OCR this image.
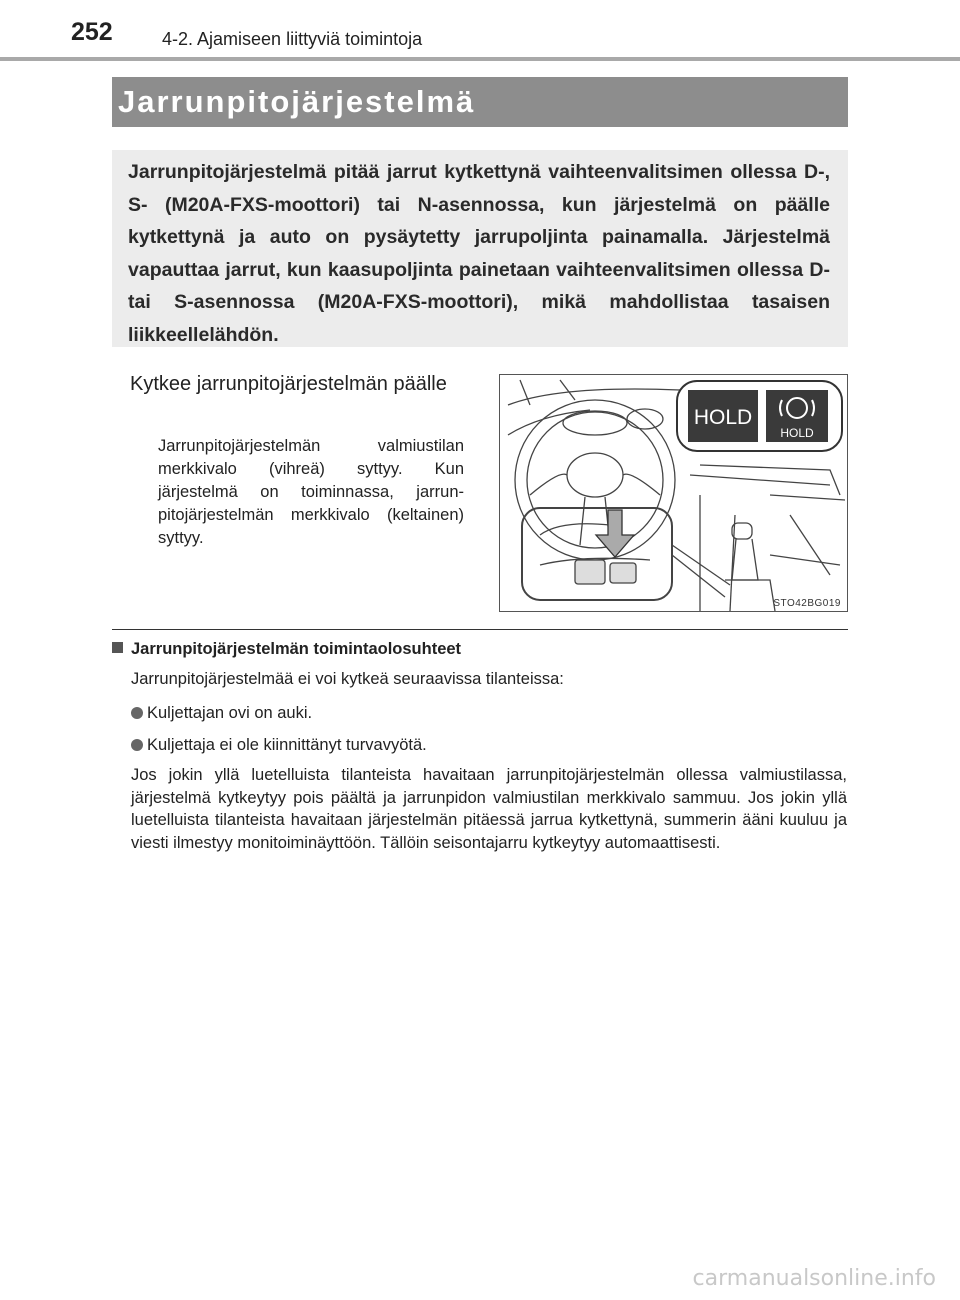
252	4-2. Ajamiseen liittyviä toimintoja
Jarrunpitojärjestelmä
Jarrunpitojärjestelmä pitää jarrut kytkettynä vaihteenvalitsimen ollessa D-, S- (M20A-FXS-moottori) tai N-asennossa, kun järjestelmä on päälle kytkettynä ja auto on pysäytetty jarrupoljinta painamalla. Järjestelmä vapauttaa jarrut, kun kaasupoljinta painetaan vaihteenvalitsimen ollessa D- tai S-asennossa (M20A-FXS-moottori), mikä mahdollistaa tasaisen liikkeellelähdön.
Kytkee jarrunpitojärjestelmän päälle
Jarrunpitojärjestelmän valmiustilan merkkivalo (vihreä) syttyy. Kun järjestelmä on toiminnassa, jarrunpitojärjestelmän merkkivalo (keltainen) syttyy.
HOLD
HOLD
STO42BG019
Jarrunpitojärjestelmän toimintaolosuhteet
Jarrunpitojärjestelmää ei voi kytkeä seuraavissa tilanteissa:
Kuljettajan ovi on auki.
Kuljettaja ei ole kiinnittänyt turvavyötä.
Jos jokin yllä luetelluista tilanteista havaitaan jarrunpitojärjestelmän ollessa valmiustilassa, järjestelmä kytkeytyy pois päältä ja jarrunpidon valmiustilan merkkivalo sammuu. Jos jokin yllä luetelluista tilanteista havaitaan järjestelmän pitäessä jarrua kytkettynä, summerin ääni kuuluu ja viesti ilmestyy monitoiminäyttöön. Tällöin seisontajarru kytkeytyy automaattisesti.
carmanualsonline.info
